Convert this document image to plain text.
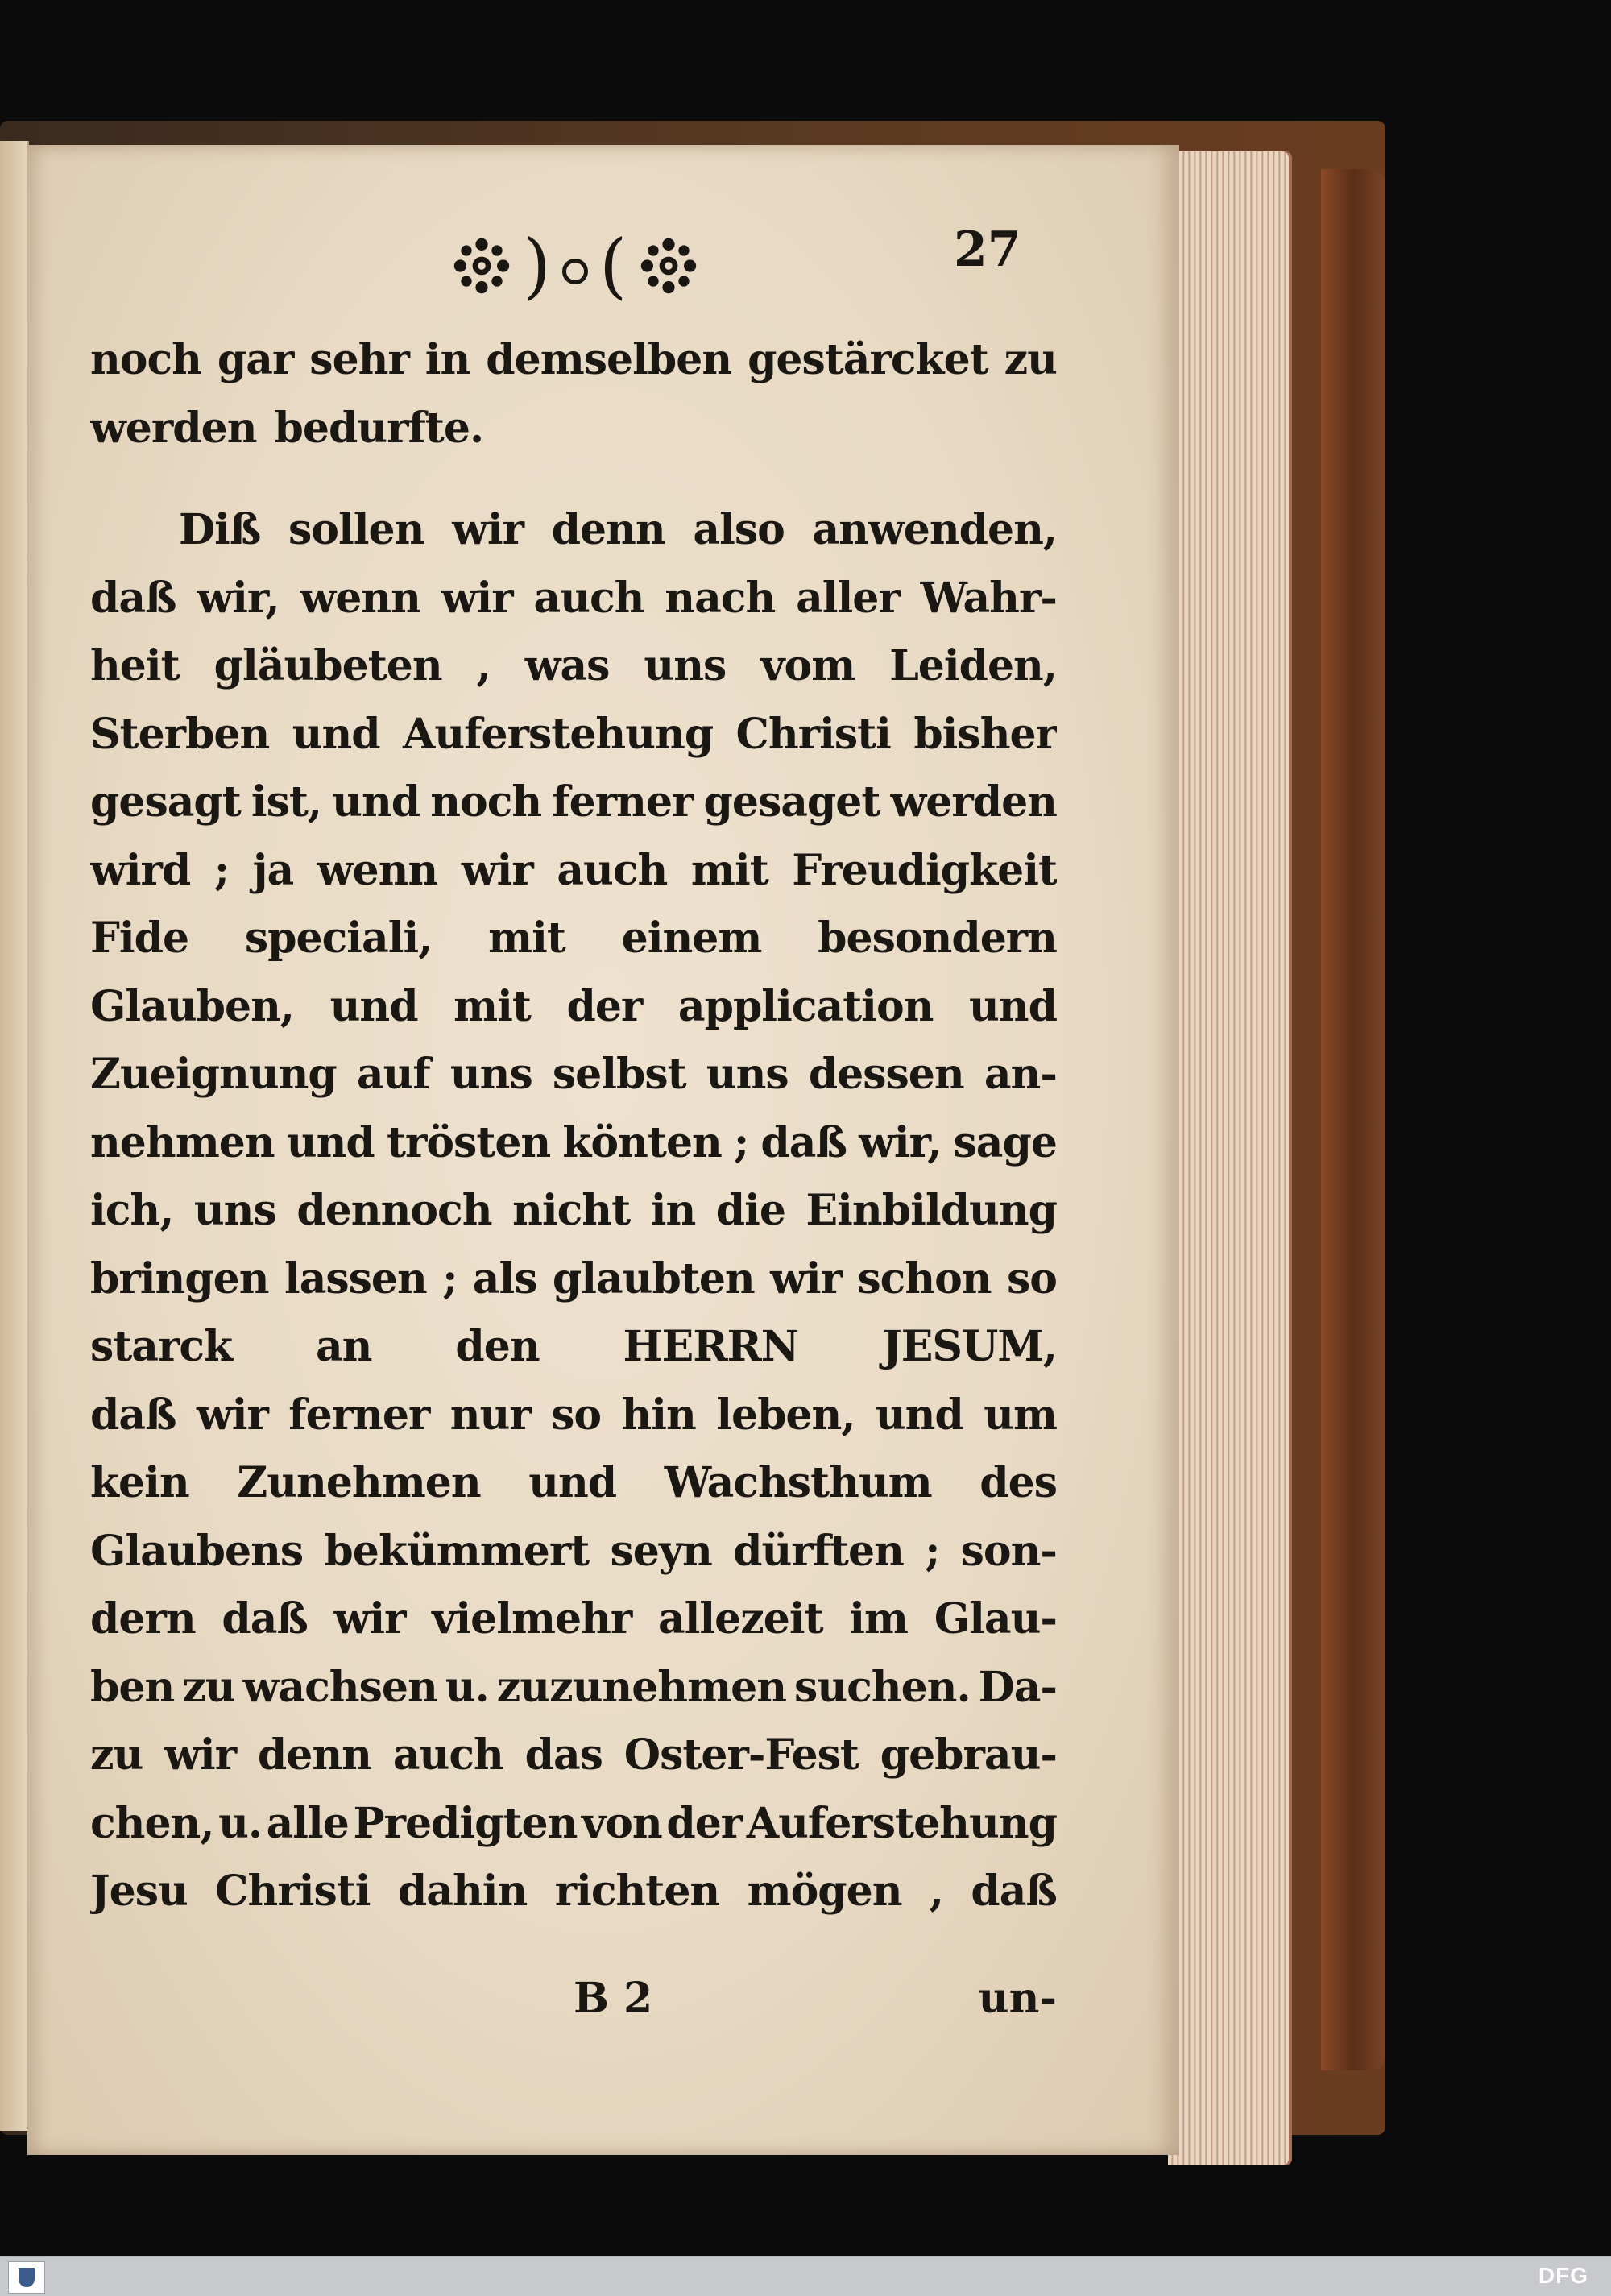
) (	27
noch gar sehr in demselben gestärcket zu
werden bedurfte.
Diß sollen wir denn also anwenden,
daß wir, wenn wir auch nach aller Wahr-
heit gläubeten , was uns vom Leiden,
Sterben und Auferstehung Christi bisher
gesagt ist, und noch ferner gesaget werden
wird ; ja wenn wir auch mit Freudigkeit
Fide speciali, mit einem besondern
Glauben, und mit der application und
Zueignung auf uns selbst uns dessen an-
nehmen und trösten könten ; daß wir, sage
ich, uns dennoch nicht in die Einbildung
bringen lassen ; als glaubten wir schon so
starck an den HERRN JESUM,
daß wir ferner nur so hin leben, und um
kein Zunehmen und Wachsthum des
Glaubens bekümmert seyn dürften ; son-
dern daß wir vielmehr allezeit im Glau-
ben zu wachsen u. zuzunehmen suchen. Da-
zu wir denn auch das Oster-Fest gebrau-
chen, u. alle Predigten von der Auferstehung
Jesu Christi dahin richten mögen , daß
B 2	un-
DFG
